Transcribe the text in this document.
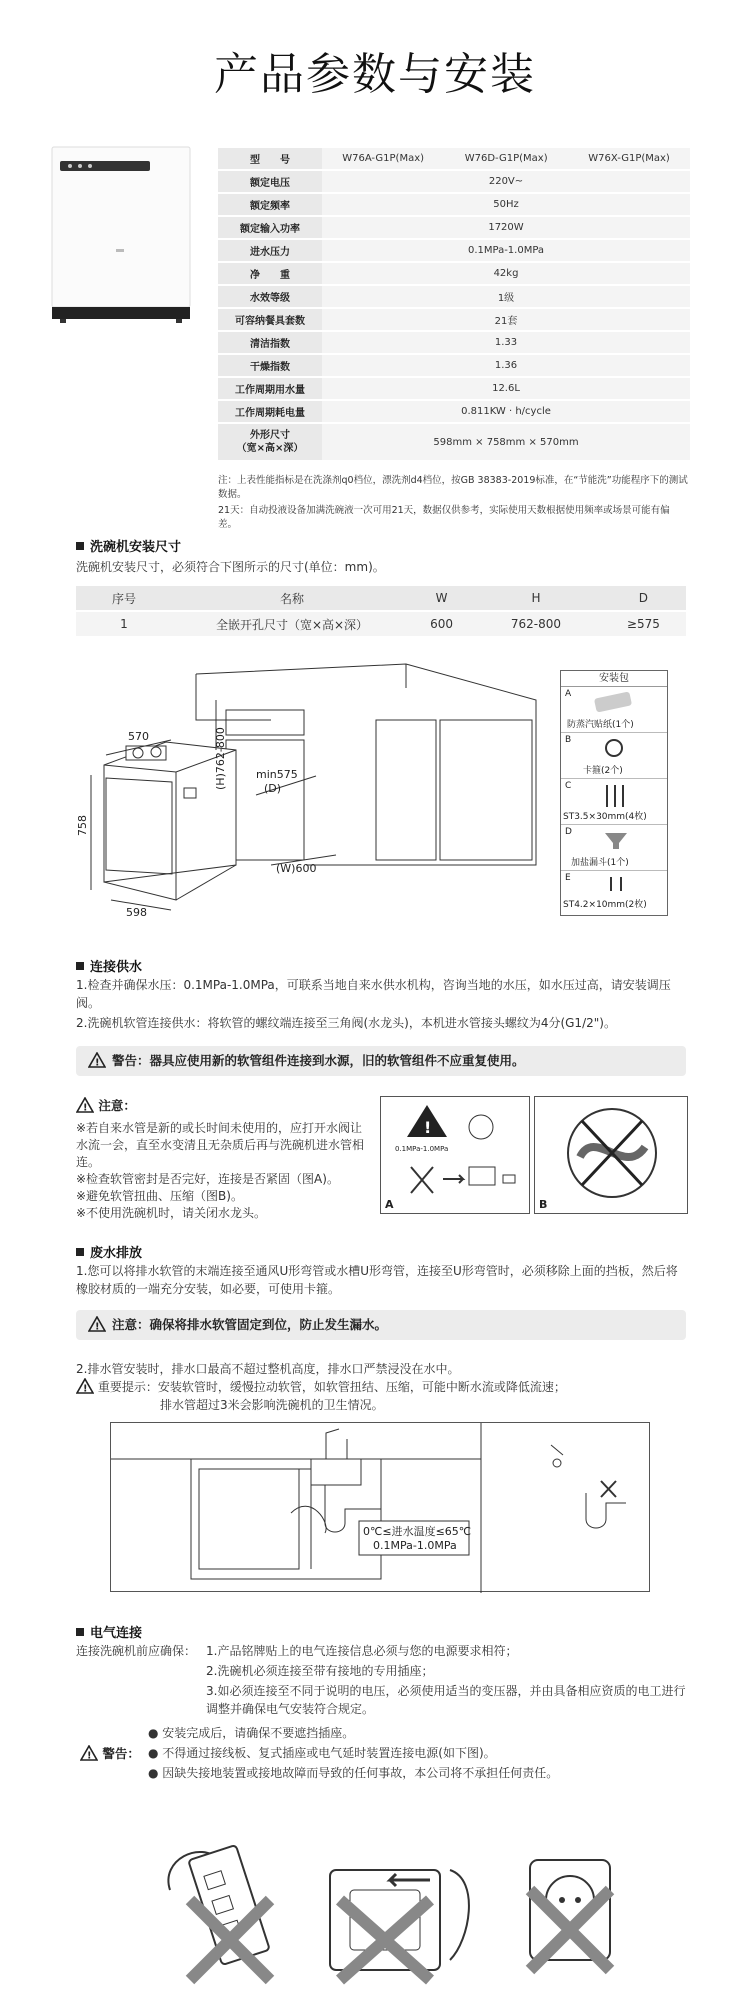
产品参数与安装
型　　号	W76A-G1P(Max)	W76D-G1P(Max)	W76X-G1P(Max)
额定电压	220V~		
额定频率	50Hz		
额定输入功率	1720W		
进水压力	0.1MPa-1.0MPa		
净　　重	42kg		
水效等级	1级		
可容纳餐具套数	21套		
清洁指数	1.33		
干燥指数	1.36		
工作周期用水量	12.6L		
工作周期耗电量	0.811KW · h/cycle		
外形尺寸
（宽×高×深）	598mm × 758mm × 570mm		
注：上表性能指标是在洗涤剂q0档位，漂洗剂d4档位，按GB 38383-2019标准，在“节能洗”功能程序下的测试数据。
21天：自动投液设备加满洗碗液一次可用21天，数据仅供参考，实际使用天数根据使用频率或场景可能有偏差。
洗碗机安装尺寸
洗碗机安装尺寸，必须符合下图所示的尺寸(单位：mm)。
序号	名称	W	H	D
1	全嵌开孔尺寸（宽×高×深）	600	762-800	≥575
570	(H)762-800	min575
(D)
758
(W)600
598
安装包
A
防蒸汽贴纸(1个)
B
卡箍(2个)
C
ST3.5×30mm(4枚)
D
加盐漏斗(1个)
E
ST4.2×10mm(2枚)
连接供水
1.检查并确保水压：0.1MPa-1.0MPa，可联系当地自来水供水机构，咨询当地的水压，如水压过高，请安装调压阀。
2.洗碗机软管连接供水：将软管的螺纹端连接至三角阀(水龙头)，本机进水管接头螺纹为4分(G1/2")。
! 警告：器具应使用新的软管组件连接到水源，旧的软管组件不应重复使用。
! 注意：
※若自来水管是新的或长时间未使用的，应打开水阀让水流一会，直至水变清且无杂质后再与洗碗机进水管相连。
※检查软管密封是否完好，连接是否紧固（图A)。
※避免软管扭曲、压缩（图B)。
※不使用洗碗机时，请关闭水龙头。
!
0.1MPa-1.0MPa
A	B
废水排放
1.您可以将排水软管的末端连接至通风U形弯管或水槽U形弯管，连接至U形弯管时，必须移除上面的挡板，然后将橡胶材质的一端充分安装，如必要，可使用卡箍。
! 注意：确保将排水软管固定到位，防止发生漏水。
2.排水管安装时，排水口最高不超过整机高度，排水口严禁浸没在水中。
! 重要提示：安装软管时，缓慢拉动软管，如软管扭结、压缩，可能中断水流或降低流速；
排水管超过3米会影响洗碗机的卫生情况。
0℃≤进水温度≤65℃
0.1MPa-1.0MPa
电气连接
连接洗碗机前应确保： 1.产品铭牌贴上的电气连接信息必须与您的电源要求相符；
2.洗碗机必须连接至带有接地的专用插座；
3.如必须连接至不同于说明的电压，必须使用适当的变压器，并由具备相应资质的电工进行调整并确保电气安装符合规定。
! 警告：
● 安装完成后，请确保不要遮挡插座。
● 不得通过接线板、复式插座或电气延时装置连接电源(如下图)。
● 因缺失接地装置或接地故障而导致的任何事故，本公司将不承担任何责任。
